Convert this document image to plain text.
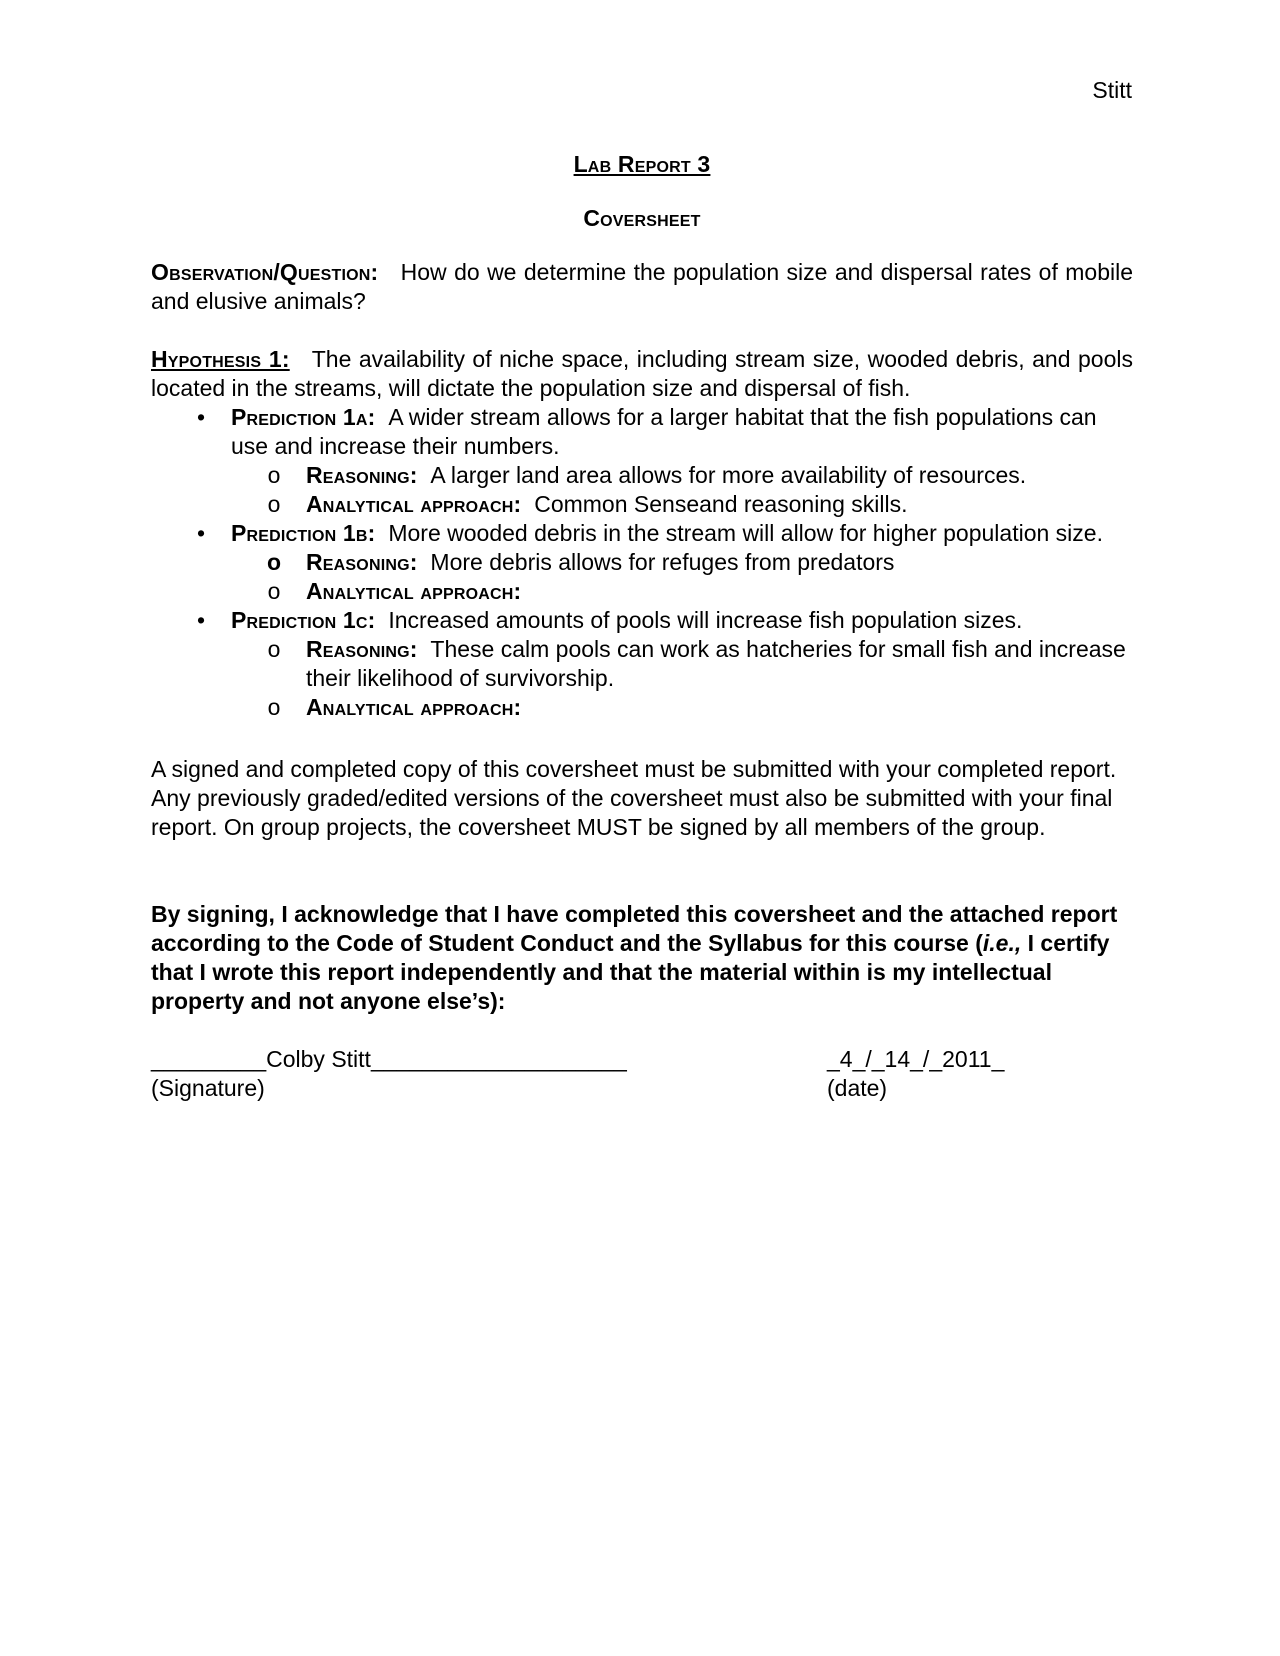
Stitt
Lab Report 3
Coversheet

Observation/Question: How do we determine the population size and dispersal rates of mobile and elusive animals?

Hypothesis 1: The availability of niche space, including stream size, wooded debris, and pools located in the streams, will dictate the population size and dispersal of fish.

• Prediction 1a: A wider stream allows for a larger habitat that the fish populations can use and increase their numbers.
o Reasoning: A larger land area allows for more availability of resources.
o Analytical approach: Common Senseand reasoning skills.
• Prediction 1b: More wooded debris in the stream will allow for higher population size.
o Reasoning: More debris allows for refuges from predators
o Analytical approach:
• Prediction 1c: Increased amounts of pools will increase fish population sizes.
o Reasoning: These calm pools can work as hatcheries for small fish and increase their likelihood of survivorship.
o Analytical approach:

A signed and completed copy of this coversheet must be submitted with your completed report. Any previously graded/edited versions of the coversheet must also be submitted with your final report. On group projects, the coversheet MUST be signed by all members of the group.

By signing, I acknowledge that I have completed this coversheet and the attached report according to the Code of Student Conduct and the Syllabus for this course (i.e., I certify that I wrote this report independently and that the material within is my intellectual property and not anyone else’s):

_________Colby Stitt____________________
(Signature)
_4_/_14_/_2011_
(date)
